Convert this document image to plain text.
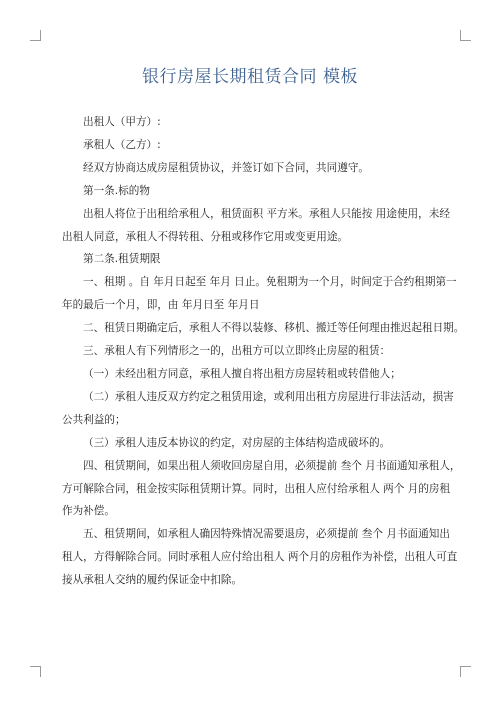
银行房屋长期租赁合同 模板

出租人（甲方）:

承租人（乙方）:

经双方协商达成房屋租赁协议，并签订如下合同，共同遵守。

第一条.标的物

出租人将位于出租给承租人，租赁面积 平方米。承租人只能按 用途使用，未经

出租人同意，承租人不得转租、分租或移作它用或变更用途。

第二条.租赁期限

一、租期 。自 年月日起至 年月 日止。免租期为一个月，时间定于合约租期第一

年的最后一个月，即，由 年月日至 年月日

二、租赁日期确定后，承租人不得以装修、移机、搬迁等任何理由推迟起租日期。

三、承租人有下列情形之一的，出租方可以立即终止房屋的租赁：

（一）未经出租方同意，承租人擅自将出租方房屋转租或转借他人；

（二）承租人违反双方约定之租赁用途，或利用出租方房屋进行非法活动，损害

公共利益的；

（三）承租人违反本协议的约定，对房屋的主体结构造成破坏的。

四、租赁期间，如果出租人须收回房屋自用，必须提前 叁个 月书面通知承租人，

方可解除合同，租金按实际租赁期计算。同时，出租人应付给承租人 两个 月的房租

作为补偿。

五、租赁期间，如承租人确因特殊情况需要退房，必须提前 叁个 月书面通知出

租人，方得解除合同。同时承租人应付给出租人 两个月的房租作为补偿，出租人可直

接从承租人交纳的履约保证金中扣除。
